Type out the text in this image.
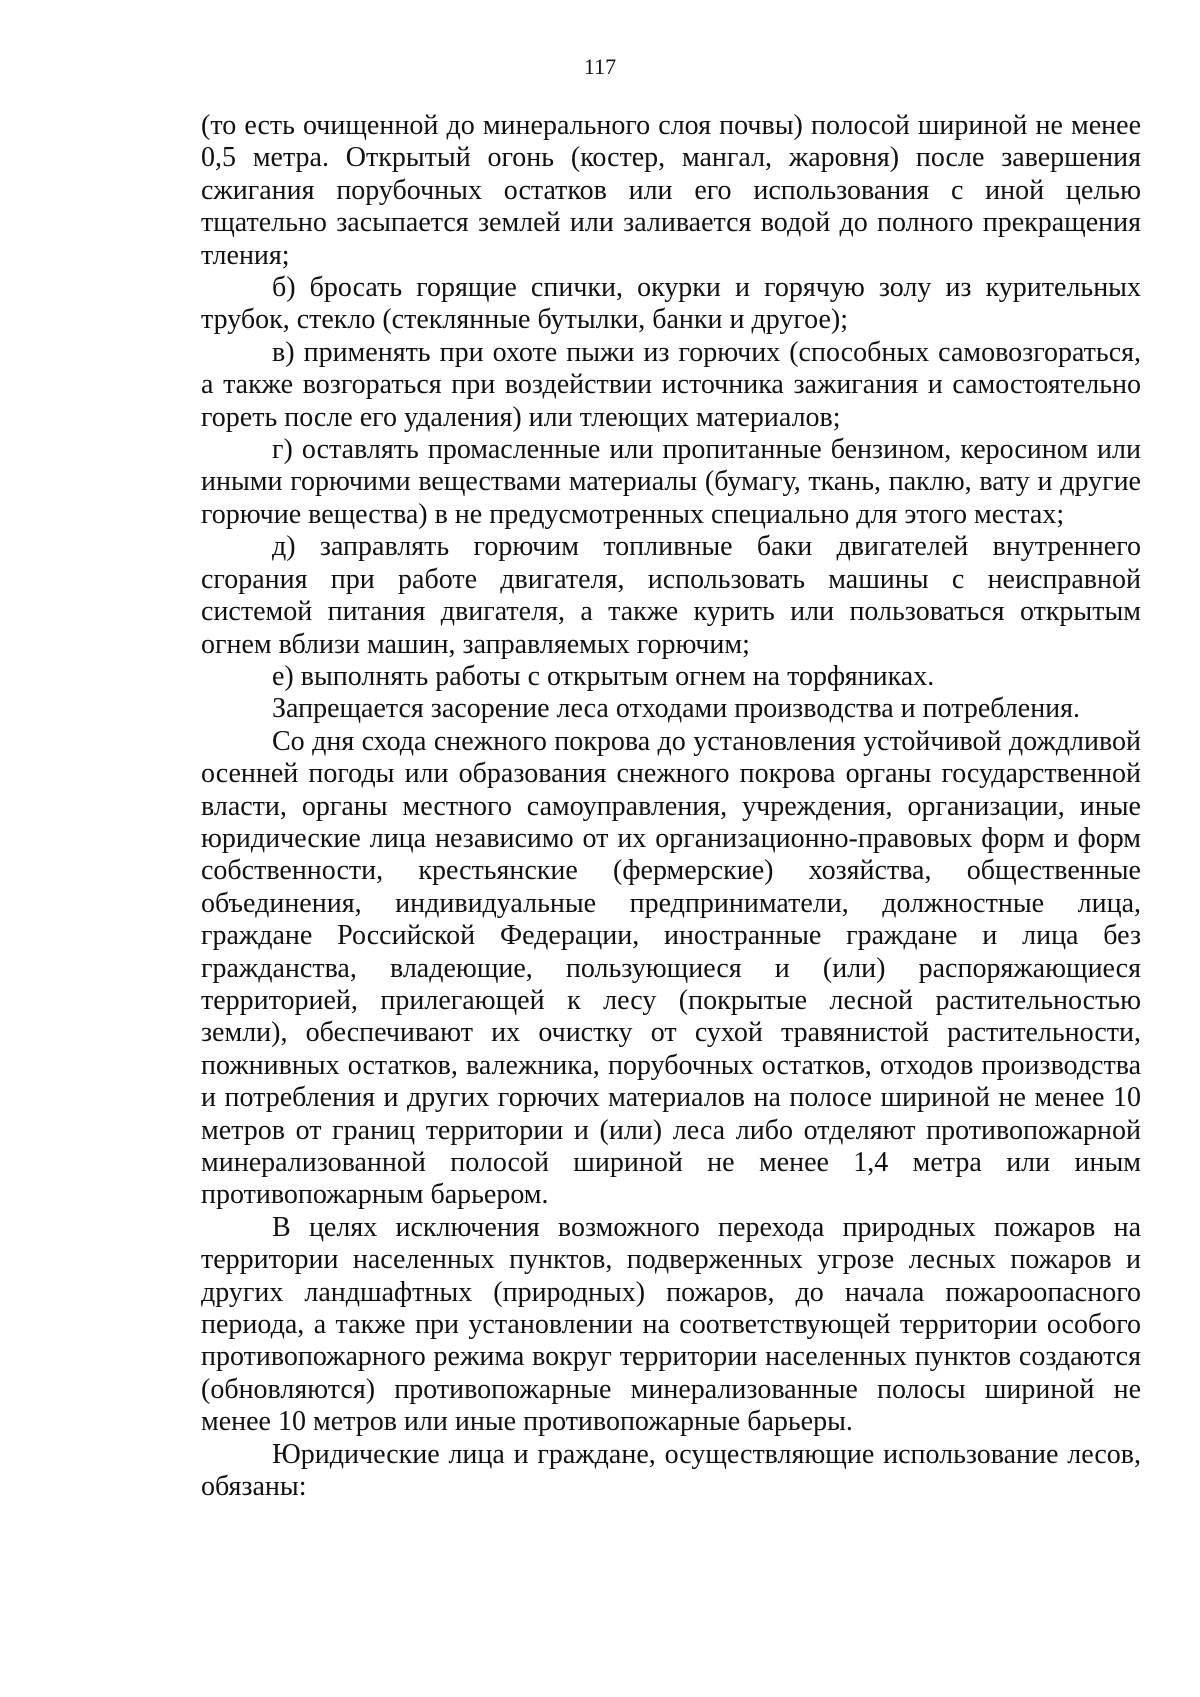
117

(то есть очищенной до минерального слоя почвы) полосой шириной не менее 0,5 метра. Открытый огонь (костер, мангал, жаровня) после завершения сжигания порубочных остатков или его использования с иной целью тщательно засыпается землей или заливается водой до полного прекращения тления;

б) бросать горящие спички, окурки и горячую золу из курительных трубок, стекло (стеклянные бутылки, банки и другое);

в) применять при охоте пыжи из горючих (способных самовозгораться, а также возгораться при воздействии источника зажигания и самостоятельно гореть после его удаления) или тлеющих материалов;

г) оставлять промасленные или пропитанные бензином, керосином или иными горючими веществами материалы (бумагу, ткань, паклю, вату и другие горючие вещества) в не предусмотренных специально для этого местах;

д) заправлять горючим топливные баки двигателей внутреннего сгорания при работе двигателя, использовать машины с неисправной системой питания двигателя, а также курить или пользоваться открытым огнем вблизи машин, заправляемых горючим;

е) выполнять работы с открытым огнем на торфяниках.

Запрещается засорение леса отходами производства и потребления.

Со дня схода снежного покрова до установления устойчивой дождливой осенней погоды или образования снежного покрова органы государственной власти, органы местного самоуправления, учреждения, организации, иные юридические лица независимо от их организационно-правовых форм и форм собственности, крестьянские (фермерские) хозяйства, общественные объединения, индивидуальные предприниматели, должностные лица, граждане Российской Федерации, иностранные граждане и лица без гражданства, владеющие, пользующиеся и (или) распоряжающиеся территорией, прилегающей к лесу (покрытые лесной растительностью земли), обеспечивают их очистку от сухой травянистой растительности, пожнивных остатков, валежника, порубочных остатков, отходов производства и потребления и других горючих материалов на полосе шириной не менее 10 метров от границ территории и (или) леса либо отделяют противопожарной минерализованной полосой шириной не менее 1,4 метра или иным противопожарным барьером.

В целях исключения возможного перехода природных пожаров на территории населенных пунктов, подверженных угрозе лесных пожаров и других ландшафтных (природных) пожаров, до начала пожароопасного периода, а также при установлении на соответствующей территории особого противопожарного режима вокруг территории населенных пунктов создаются (обновляются) противопожарные минерализованные полосы шириной не менее 10 метров или иные противопожарные барьеры.

Юридические лица и граждане, осуществляющие использование лесов, обязаны:
